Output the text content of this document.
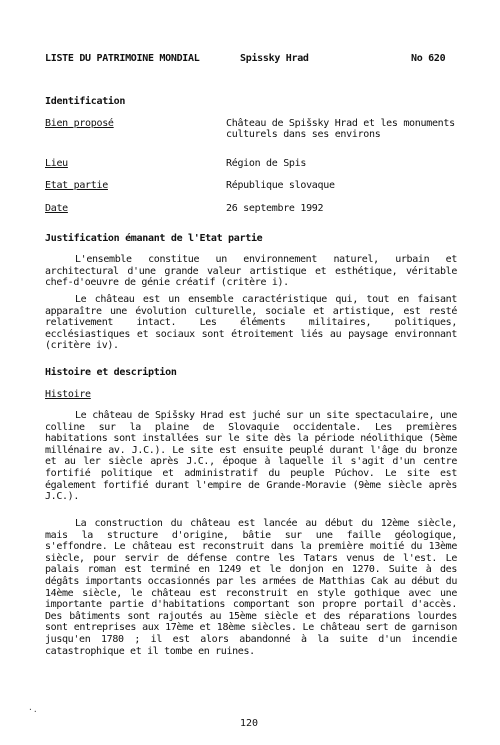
LISTE DU PATRIMOINE MONDIAL	Spissky Hrad	No 620
Identification
Bien proposé	Château de Spišsky Hrad et les monuments culturels dans ses environs
Lieu	Région de Spis
Etat partie	République slovaque
Date	26 septembre 1992
Justification émanant de l'Etat partie
L'ensemble constitue un environnement naturel, urbain et architectural d'une grande valeur artistique et esthétique, véritable chef-d'oeuvre de génie créatif (critère i).
Le château est un ensemble caractéristique qui, tout en faisant apparaître une évolution culturelle, sociale et artistique, est resté relativement intact. Les éléments militaires, politiques, ecclésiastiques et sociaux sont étroitement liés au paysage environnant (critère iv).
Histoire et description
Histoire
Le château de Spišsky Hrad est juché sur un site spectaculaire, une colline sur la plaine de Slovaquie occidentale. Les premières habitations sont installées sur le site dès la période néolithique (5ème millénaire av. J.C.). Le site est ensuite peuplé durant l'âge du bronze et au ler siècle après J.C., époque à laquelle il s'agit d'un centre fortifié politique et administratif du peuple Púchov. Le site est également fortifié durant l'empire de Grande-Moravie (9ème siècle après J.C.).
La construction du château est lancée au début du 12ème siècle, mais la structure d'origine, bâtie sur une faille géologique, s'effondre. Le château est reconstruit dans la première moitié du 13ème siècle, pour servir de défense contre les Tatars venus de l'est. Le palais roman est terminé en 1249 et le donjon en 1270. Suite à des dégâts importants occasionnés par les armées de Matthias Cak au début du 14ème siècle, le château est reconstruit en style gothique avec une importante partie d'habitations comportant son propre portail d'accès. Des bâtiments sont rajoutés au 15ème siècle et des réparations lourdes sont entreprises aux 17ème et 18ème siècles. Le château sert de garnison jusqu'en 1780 ; il est alors abandonné à la suite d'un incendie catastrophique et il tombe en ruines.
120
·.
